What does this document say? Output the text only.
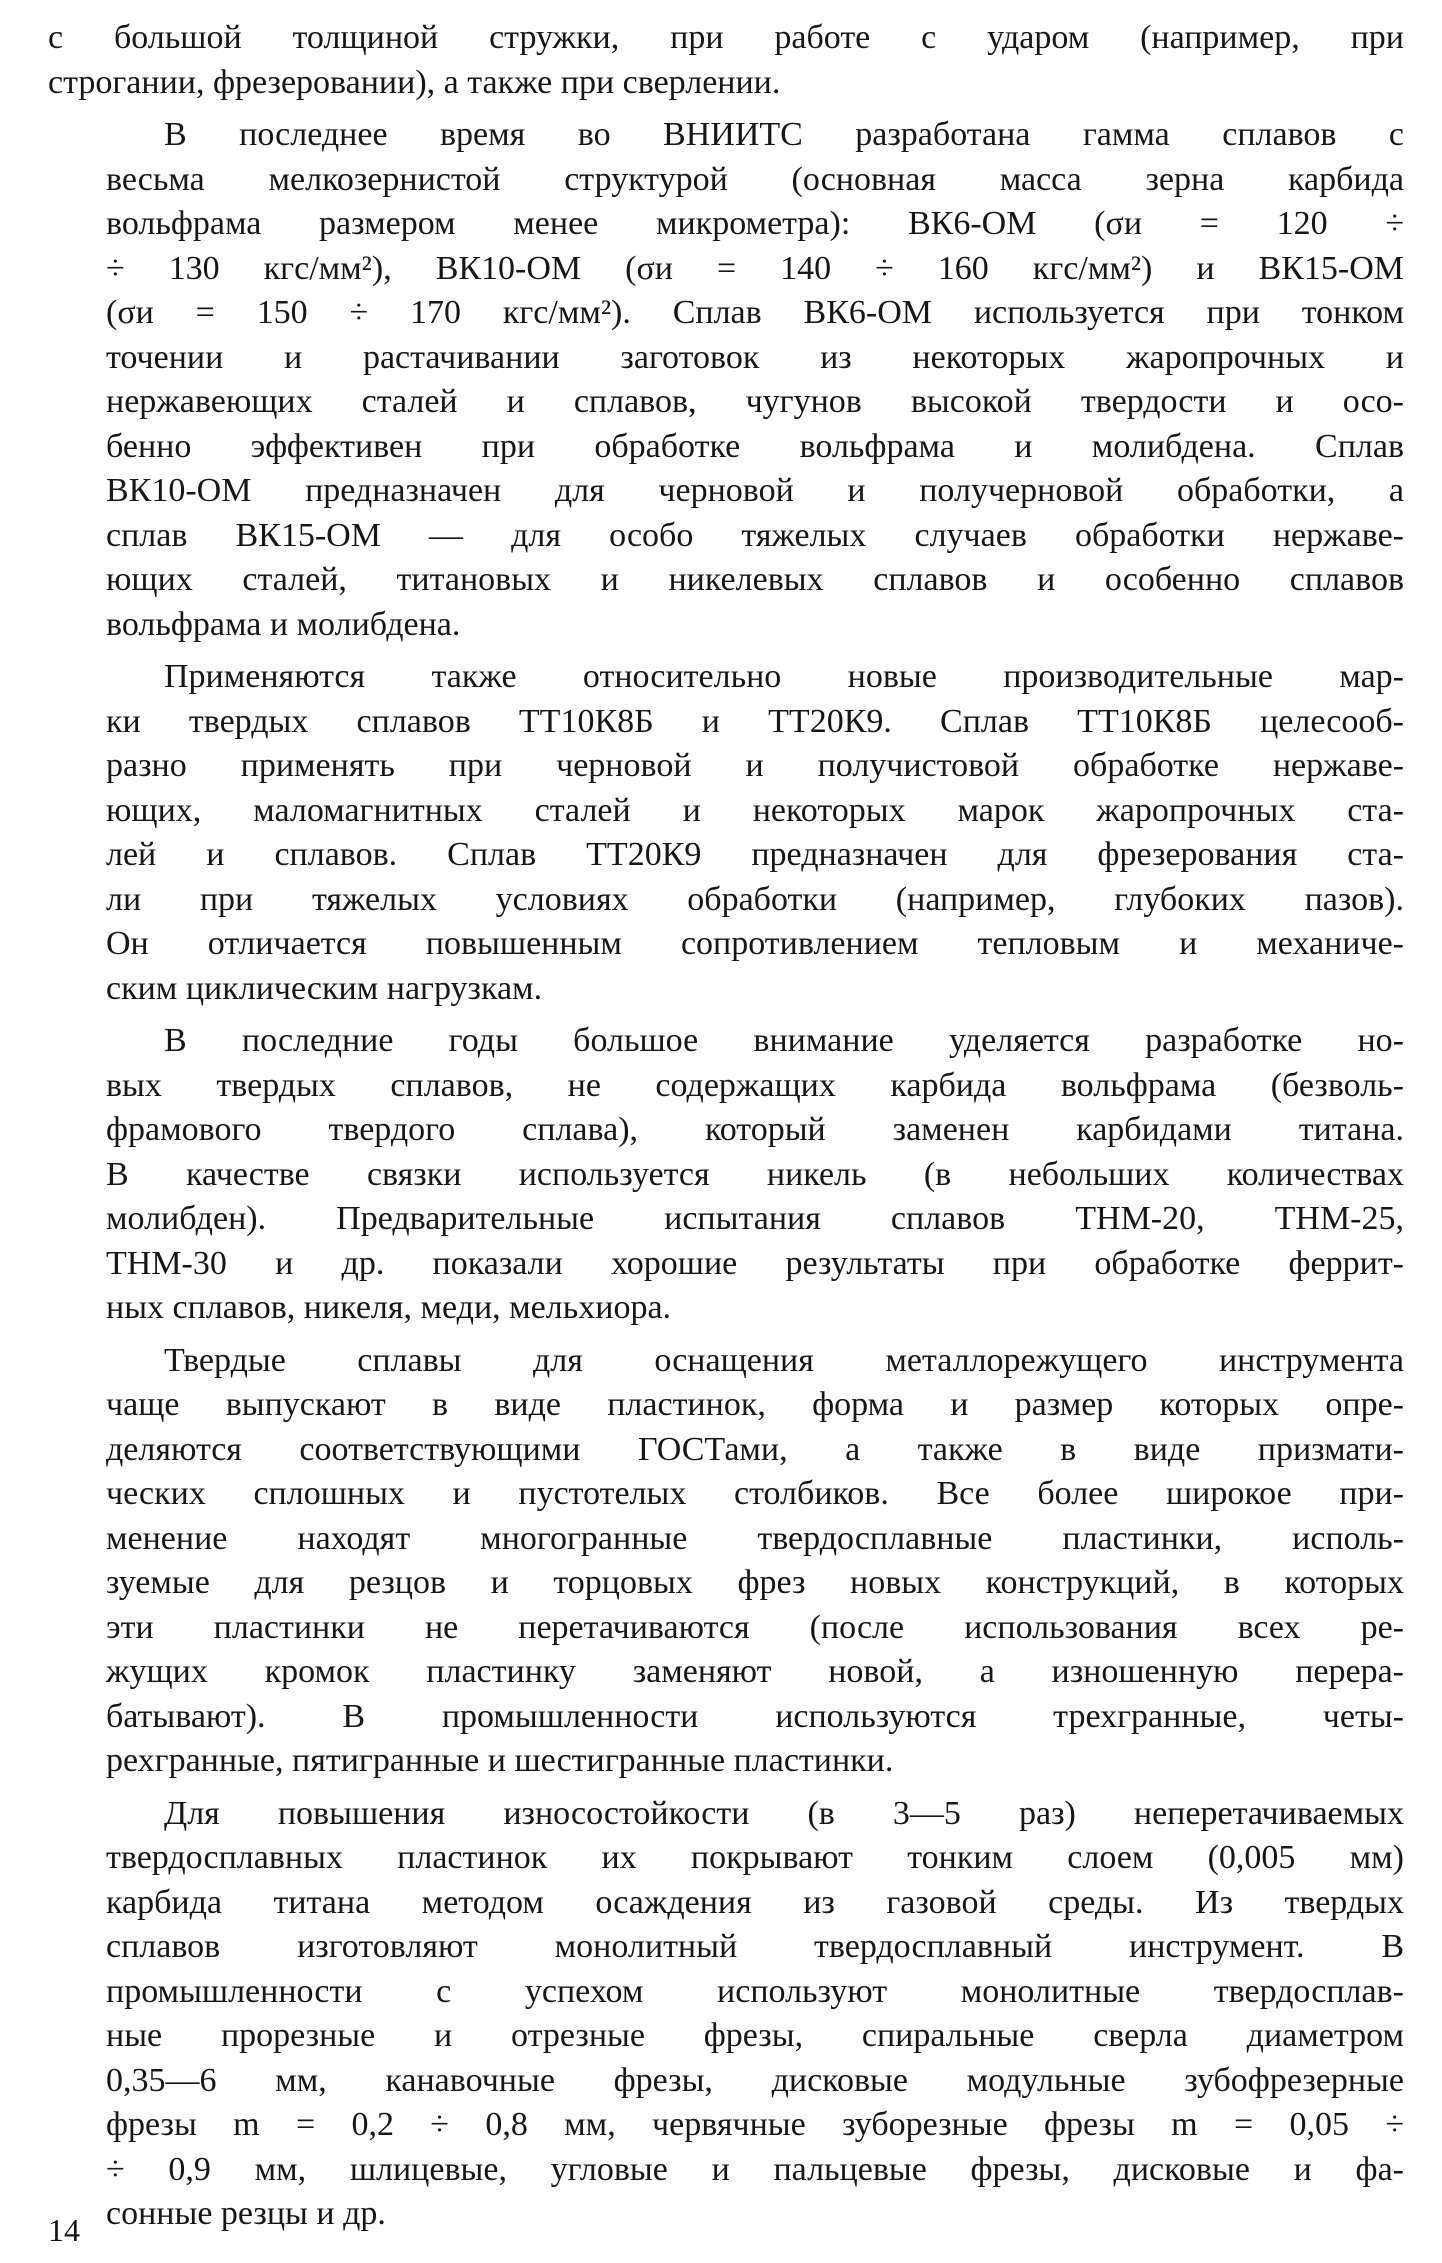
с большой толщиной стружки, при работе с ударом (например, при
строгании, фрезеровании), а также при сверлении.
В последнее время во ВНИИТС разработана гамма сплавов с
весьма мелкозернистой структурой (основная масса зерна карбида
вольфрама размером менее микрометра): ВК6-ОМ (σи = 120 ÷
÷ 130 кгс/мм²), ВК10-ОМ (σи = 140 ÷ 160 кгс/мм²) и ВК15-ОМ
(σи = 150 ÷ 170 кгс/мм²). Сплав ВК6-ОМ используется при тонком
точении и растачивании заготовок из некоторых жаропрочных и
нержавеющих сталей и сплавов, чугунов высокой твердости и осо-
бенно эффективен при обработке вольфрама и молибдена. Сплав
ВК10-ОМ предназначен для черновой и получерновой обработки, а
сплав ВК15-ОМ — для особо тяжелых случаев обработки нержаве-
ющих сталей, титановых и никелевых сплавов и особенно сплавов
вольфрама и молибдена.
Применяются также относительно новые производительные мар-
ки твердых сплавов ТТ10К8Б и ТТ20К9. Сплав ТТ10К8Б целесооб-
разно применять при черновой и получистовой обработке нержаве-
ющих, маломагнитных сталей и некоторых марок жаропрочных ста-
лей и сплавов. Сплав ТТ20К9 предназначен для фрезерования ста-
ли при тяжелых условиях обработки (например, глубоких пазов).
Он отличается повышенным сопротивлением тепловым и механиче-
ским циклическим нагрузкам.
В последние годы большое внимание уделяется разработке но-
вых твердых сплавов, не содержащих карбида вольфрама (безволь-
фрамового твердого сплава), который заменен карбидами титана.
В качестве связки используется никель (в небольших количествах
молибден). Предварительные испытания сплавов ТНМ-20, ТНМ-25,
ТНМ-30 и др. показали хорошие результаты при обработке феррит-
ных сплавов, никеля, меди, мельхиора.
Твердые сплавы для оснащения металлорежущего инструмента
чаще выпускают в виде пластинок, форма и размер которых опре-
деляются соответствующими ГОСТами, а также в виде призмати-
ческих сплошных и пустотелых столбиков. Все более широкое при-
менение находят многогранные твердосплавные пластинки, исполь-
зуемые для резцов и торцовых фрез новых конструкций, в которых
эти пластинки не перетачиваются (после использования всех ре-
жущих кромок пластинку заменяют новой, а изношенную перера-
батывают). В промышленности используются трехгранные, четы-
рехгранные, пятигранные и шестигранные пластинки.
Для повышения износостойкости (в 3—5 раз) неперетачиваемых
твердосплавных пластинок их покрывают тонким слоем (0,005 мм)
карбида титана методом осаждения из газовой среды. Из твердых
сплавов изготовляют монолитный твердосплавный инструмент. В
промышленности с успехом используют монолитные твердосплав-
ные прорезные и отрезные фрезы, спиральные сверла диаметром
0,35—6 мм, канавочные фрезы, дисковые модульные зубофрезерные
фрезы m = 0,2 ÷ 0,8 мм, червячные зуборезные фрезы m = 0,05 ÷
÷ 0,9 мм, шлицевые, угловые и пальцевые фрезы, дисковые и фа-
сонные резцы и др.
14
